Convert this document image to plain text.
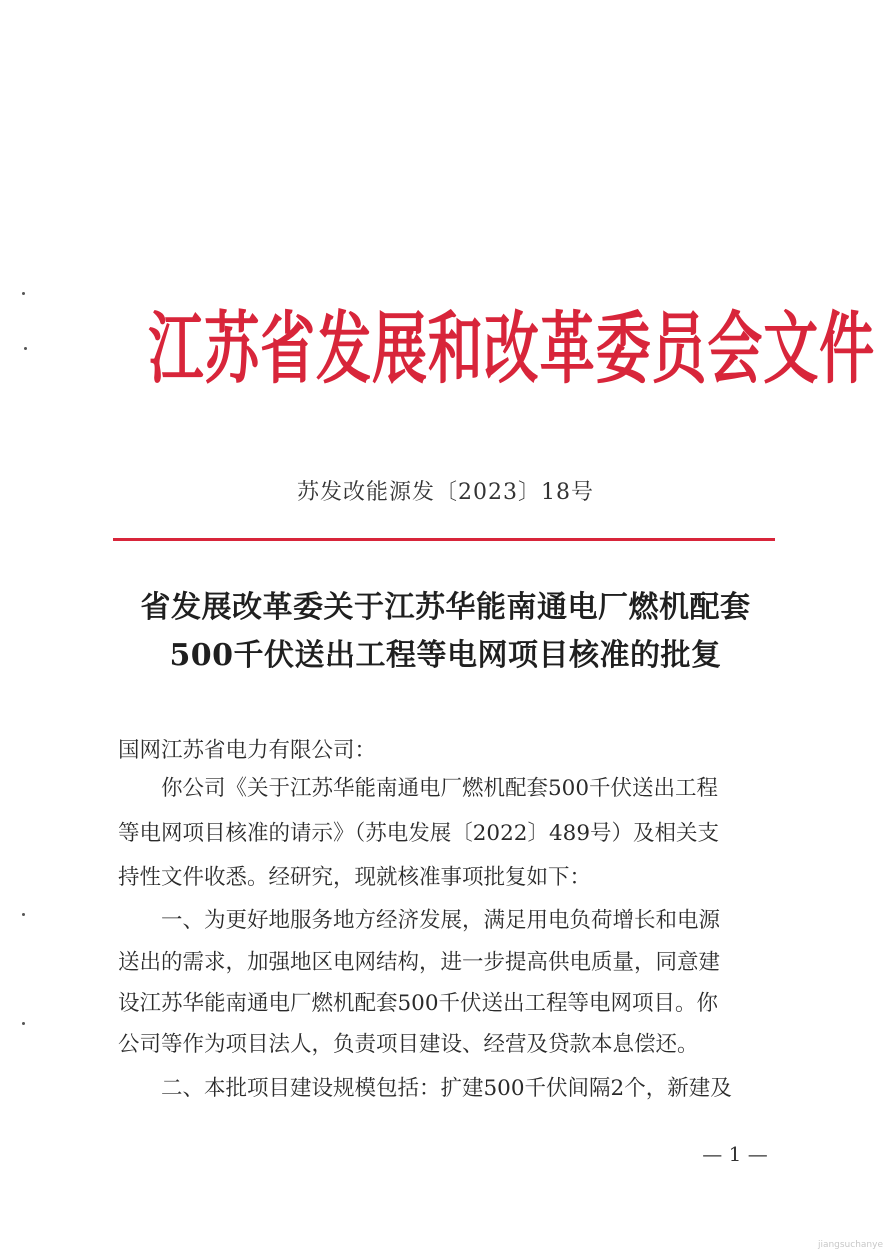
江苏省发展和改革委员会文件
苏发改能源发〔2023〕18号
省发展改革委关于江苏华能南通电厂燃机配套
500千伏送出工程等电网项目核准的批复
国网江苏省电力有限公司：
你公司《关于江苏华能南通电厂燃机配套500千伏送出工程
等电网项目核准的请示》（苏电发展〔2022〕489号）及相关支
持性文件收悉。经研究，现就核准事项批复如下：
一、为更好地服务地方经济发展，满足用电负荷增长和电源
送出的需求，加强地区电网结构，进一步提高供电质量，同意建
设江苏华能南通电厂燃机配套500千伏送出工程等电网项目。你
公司等作为项目法人，负责项目建设、经营及贷款本息偿还。
二、本批项目建设规模包括：扩建500千伏间隔2个，新建及
— 1 —
jiangsuchanye
